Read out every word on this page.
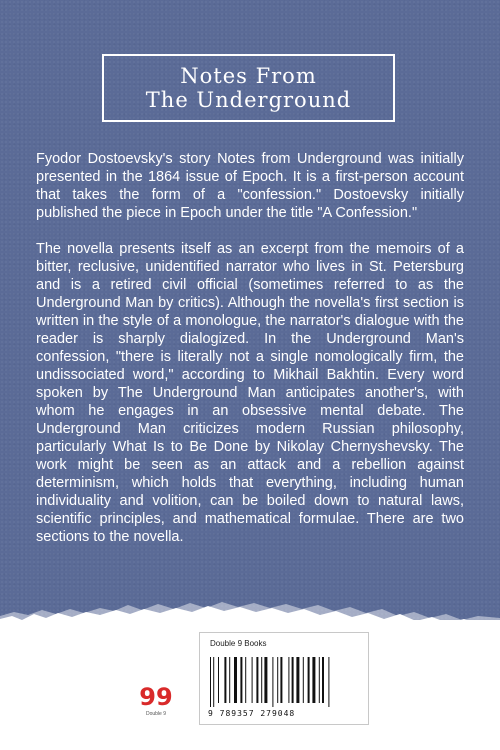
Notes From
The Underground

Fyodor Dostoevsky's story Notes from Underground was initially presented in the 1864 issue of Epoch. It is a first-person account that takes the form of a "confession." Dostoevsky initially published the piece in Epoch under the title "A Confession."

The novella presents itself as an excerpt from the memoirs of a bitter, reclusive, unidentified narrator who lives in St. Petersburg and is a retired civil official (sometimes referred to as the Underground Man by critics). Although the novella's first section is written in the style of a monologue, the narrator's dialogue with the reader is sharply dialogized. In the Underground Man's confession, "there is literally not a single nomologically firm, the undissociated word," according to Mikhail Bakhtin. Every word spoken by The Underground Man anticipates another's, with whom he engages in an obsessive mental debate. The Underground Man criticizes modern Russian philosophy, particularly What Is to Be Done by Nikolay Chernyshevsky. The work might be seen as an attack and a rebellion against determinism, which holds that everything, including human individuality and volition, can be boiled down to natural laws, scientific principles, and mathematical formulae. There are two sections to the novella.

99
Double 9
Double 9 Books
9 789357 279048
